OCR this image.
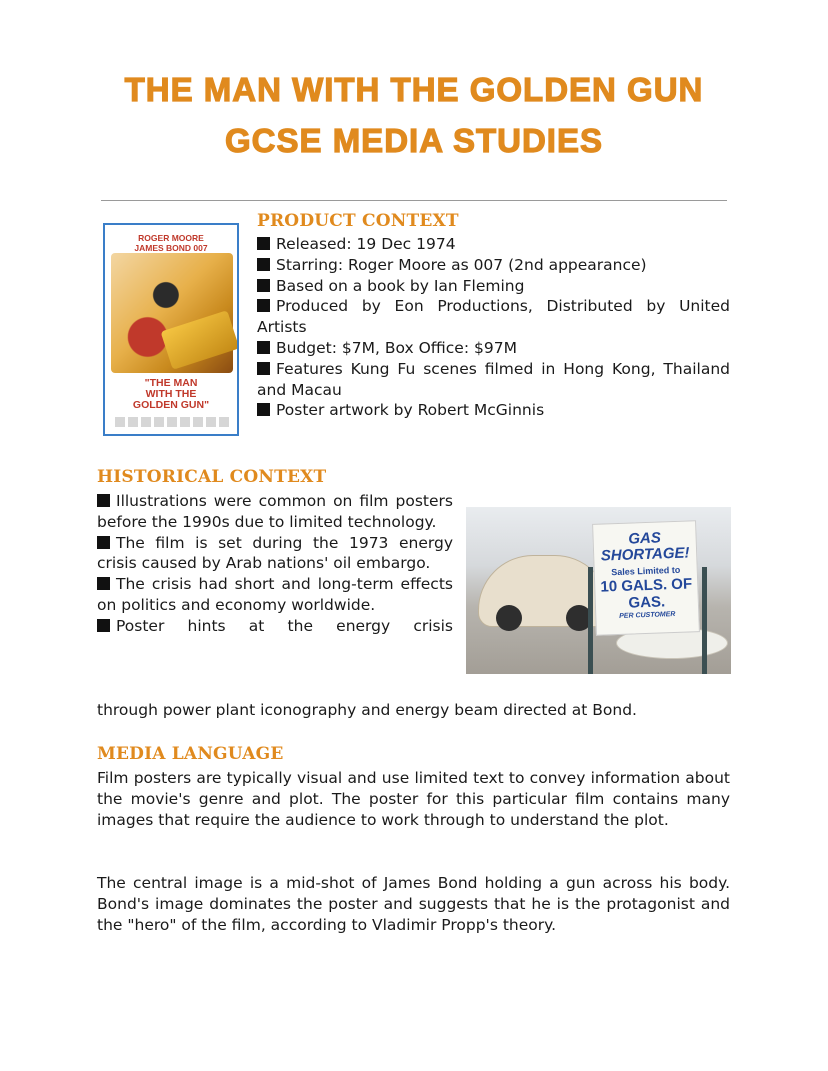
THE MAN WITH THE GOLDEN GUN
GCSE MEDIA STUDIES
ROGER MOORE
JAMES BOND 007
"THE MAN
WITH THE
GOLDEN GUN"
PRODUCT CONTEXT
Released: 19 Dec 1974
Starring: Roger Moore as 007 (2nd appearance)
Based on a book by Ian Fleming
Produced by Eon Productions, Distributed by United Artists
Budget: $7M, Box Office: $97M
Features Kung Fu scenes filmed in Hong Kong, Thailand and Macau
Poster artwork by Robert McGinnis
HISTORICAL CONTEXT
Illustrations were common on film posters before the 1990s due to limited technology.
The film is set during the 1973 energy crisis caused by Arab nations' oil embargo.
The crisis had short and long-term effects on politics and economy worldwide.
Poster hints at the energy crisis
through power plant iconography and energy beam directed at Bond.
GAS
SHORTAGE!
Sales Limited to
10 GALS. OF GAS.
PER CUSTOMER
MEDIA LANGUAGE
Film posters are typically visual and use limited text to convey information about the movie's genre and plot. The poster for this particular film contains many images that require the audience to work through to understand the plot.
The central image is a mid-shot of James Bond holding a gun across his body. Bond's image dominates the poster and suggests that he is the protagonist and the "hero" of the film, according to Vladimir Propp's theory.
